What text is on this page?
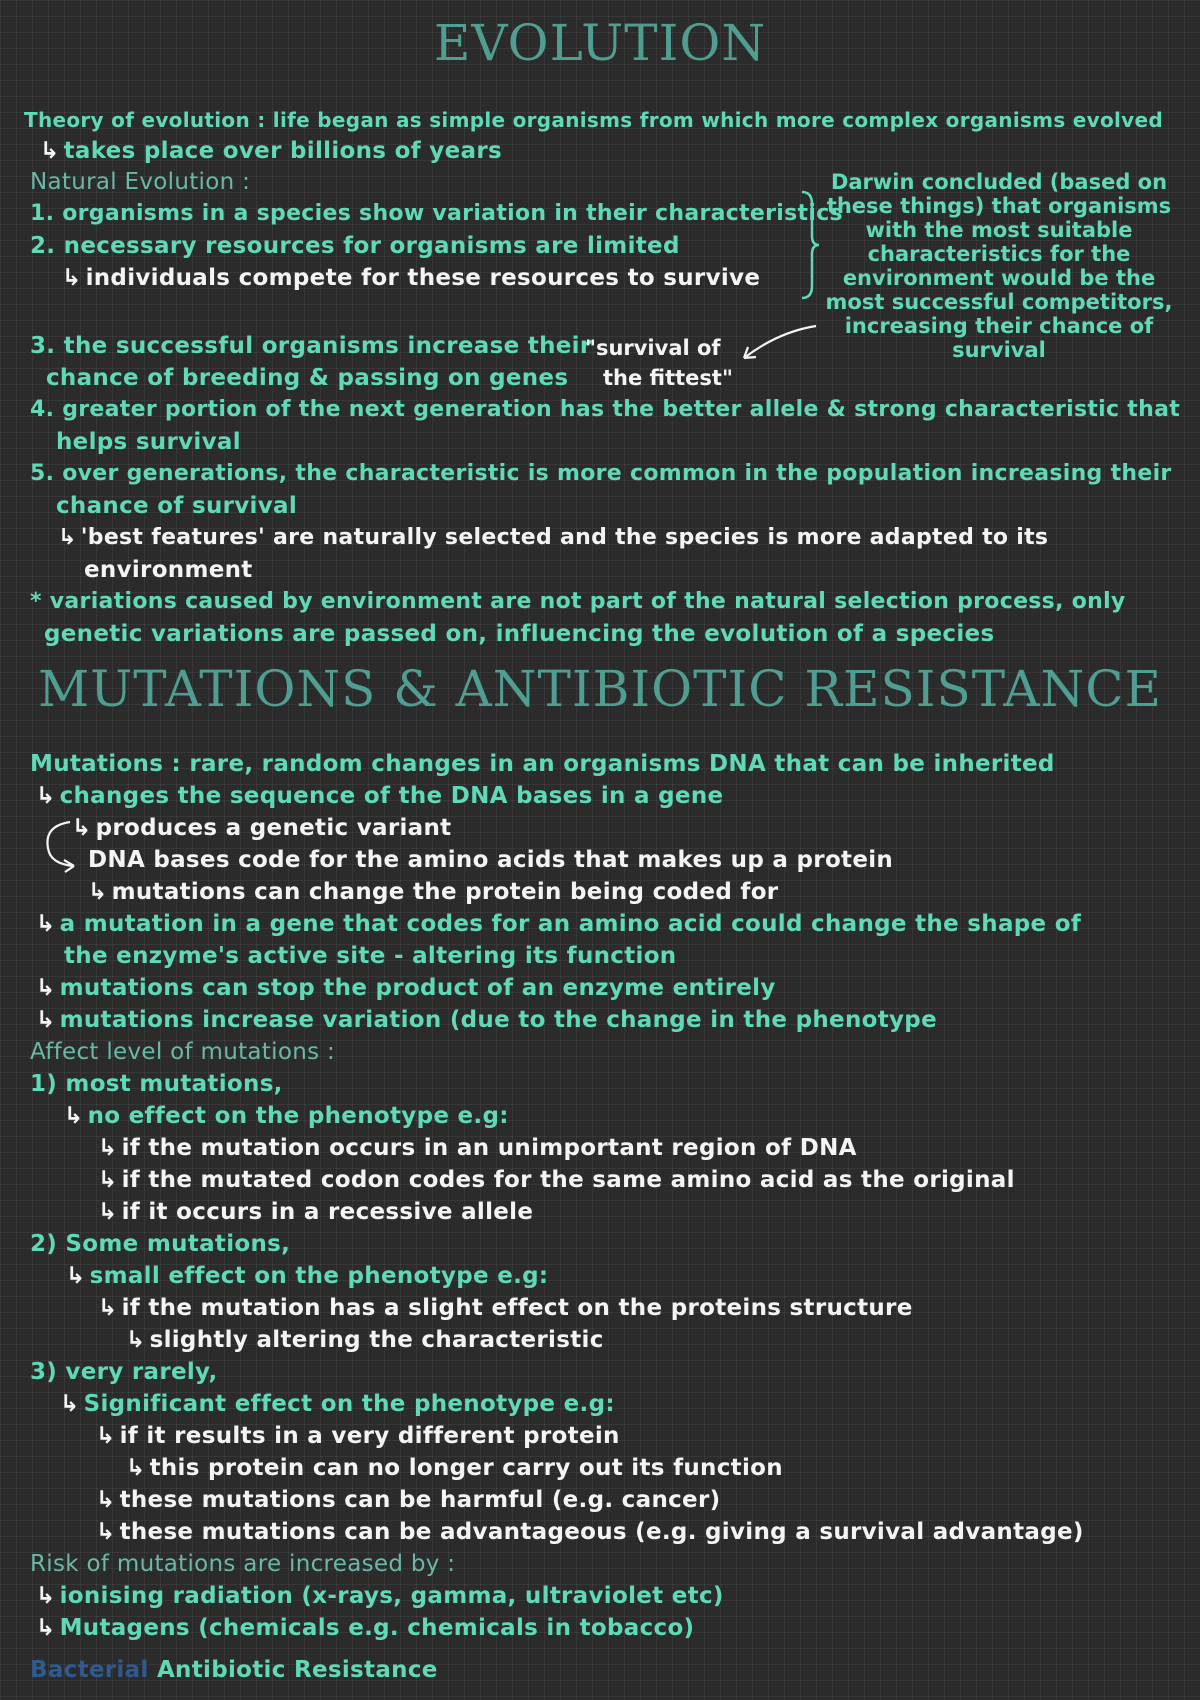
EVOLUTION
Theory of evolution : life began as simple organisms from which more complex organisms evolved
↳ takes place over billions of years
Natural Evolution :
1. organisms in a species show variation in their characteristics
2. necessary resources for organisms are limited
↳ individuals compete for these resources to survive
Darwin concluded (based on
these things) that organisms
with the most suitable
characteristics for the
environment would be the
most successful competitors,
increasing their chance of
survival
3. the successful organisms increase their
chance of breeding & passing on genes
"survival of
the fittest"
4. greater portion of the next generation has the better allele & strong characteristic that
helps survival
5. over generations, the characteristic is more common in the population increasing their
chance of survival
↳ 'best features' are naturally selected and the species is more adapted to its
environment
* variations caused by environment are not part of the natural selection process, only
genetic variations are passed on, influencing the evolution of a species
MUTATIONS & ANTIBIOTIC RESISTANCE
Mutations : rare, random changes in an organisms DNA that can be inherited
↳ changes the sequence of the DNA bases in a gene
↳ produces a genetic variant
DNA bases code for the amino acids that makes up a protein
↳ mutations can change the protein being coded for
↳ a mutation in a gene that codes for an amino acid could change the shape of
the enzyme's active site - altering its function
↳ mutations can stop the product of an enzyme entirely
↳ mutations increase variation (due to the change in the phenotype
Affect level of mutations :
1) most mutations,
↳ no effect on the phenotype e.g:
↳ if the mutation occurs in an unimportant region of DNA
↳ if the mutated codon codes for the same amino acid as the original
↳ if it occurs in a recessive allele
2) Some mutations,
↳ small effect on the phenotype e.g:
↳ if the mutation has a slight effect on the proteins structure
↳ slightly altering the characteristic
3) very rarely,
↳ Significant effect on the phenotype e.g:
↳ if it results in a very different protein
↳ this protein can no longer carry out its function
↳ these mutations can be harmful (e.g. cancer)
↳ these mutations can be advantageous (e.g. giving a survival advantage)
Risk of mutations are increased by :
↳ ionising radiation (x-rays, gamma, ultraviolet etc)
↳ Mutagens (chemicals e.g. chemicals in tobacco)
Bacterial Antibiotic Resistance
